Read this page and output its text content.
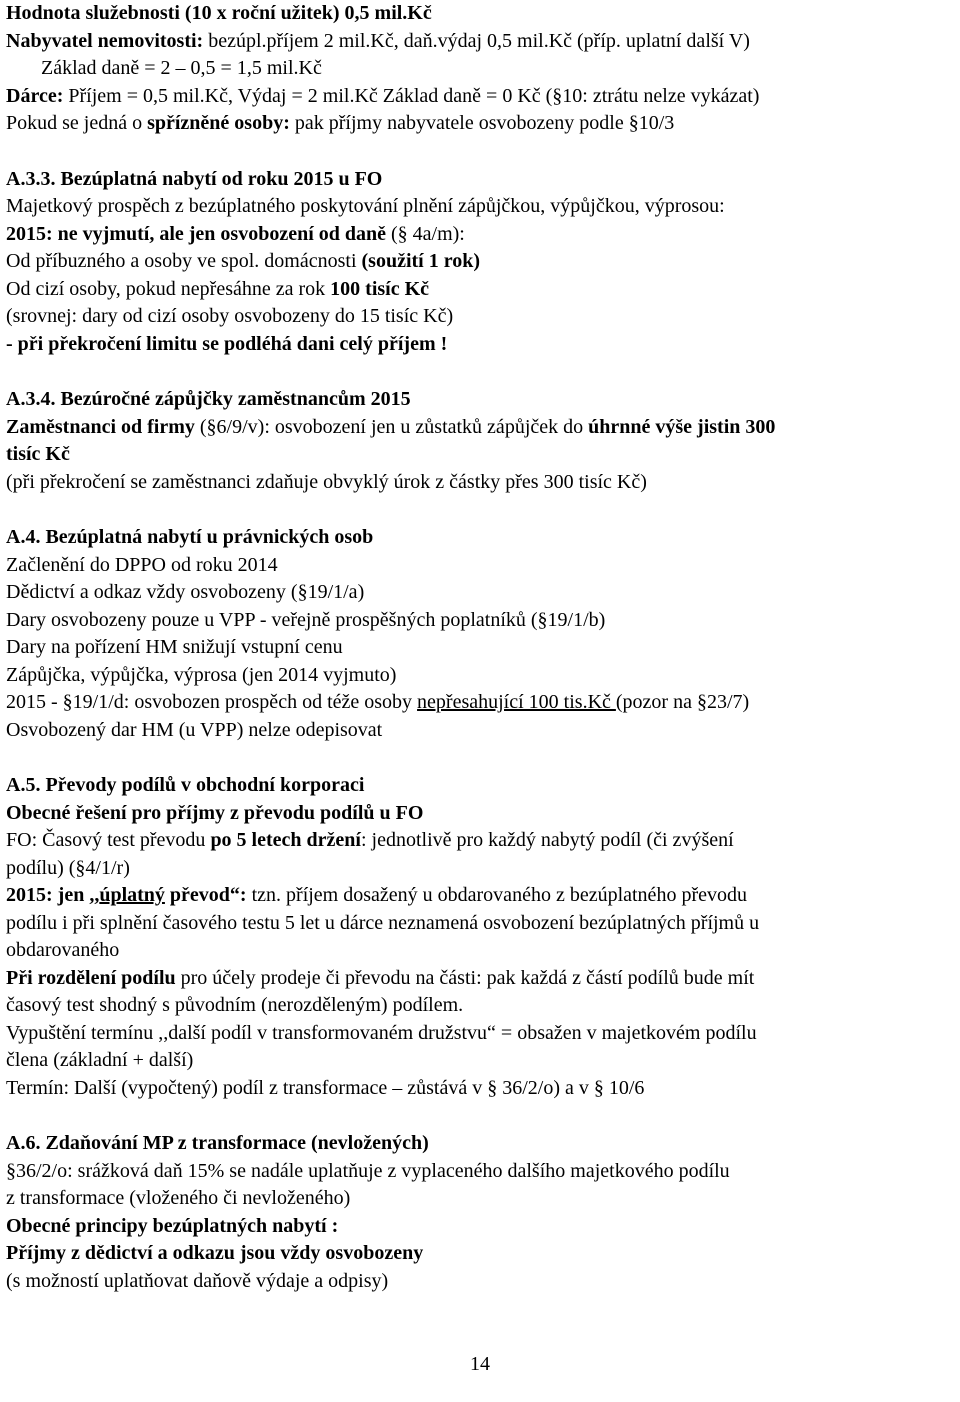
Hodnota služebnosti (10 x roční užitek) 0,5 mil.Kč
Nabyvatel nemovitosti: bezúpl.příjem 2 mil.Kč, daň.výdaj 0,5 mil.Kč (příp. uplatní další V)
Základ daně = 2 – 0,5 = 1,5 mil.Kč
Dárce: Příjem = 0,5 mil.Kč, Výdaj = 2 mil.Kč Základ daně = 0 Kč (§10: ztrátu nelze vykázat)
Pokud se jedná o spřízněné osoby: pak příjmy nabyvatele osvobozeny podle §10/3
A.3.3. Bezúplatná nabytí od roku 2015 u FO
Majetkový prospěch z bezúplatného poskytování plnění zápůjčkou, výpůjčkou, výprosou:
2015: ne vyjmutí, ale jen osvobození od daně (§ 4a/m):
Od příbuzného a osoby ve spol. domácnosti (soužití 1 rok)
Od cizí osoby, pokud nepřesáhne za rok 100 tisíc Kč
(srovnej: dary od cizí osoby osvobozeny do 15 tisíc Kč)
- při překročení limitu se podléhá dani celý příjem !
A.3.4. Bezúročné zápůjčky zaměstnancům 2015
Zaměstnanci od firmy (§6/9/v): osvobození jen u zůstatků zápůjček do úhrnné výše jistin 300
tisíc Kč
(při překročení se zaměstnanci zdaňuje obvyklý úrok z částky přes 300 tisíc Kč)
A.4. Bezúplatná nabytí u právnických osob
Začlenění do DPPO od roku 2014
Dědictví a odkaz vždy osvobozeny (§19/1/a)
Dary osvobozeny pouze u VPP - veřejně prospěšných poplatníků (§19/1/b)
Dary na pořízení HM snižují vstupní cenu
Zápůjčka, výpůjčka, výprosa (jen 2014 vyjmuto)
2015 - §19/1/d: osvobozen prospěch od téže osoby nepřesahující 100 tis.Kč (pozor na §23/7)
Osvobozený dar HM (u VPP) nelze odepisovat
A.5. Převody podílů v obchodní korporaci
Obecné řešení pro příjmy z převodu podílů u FO
FO: Časový test převodu po 5 letech držení: jednotlivě pro každý nabytý podíl (či zvýšení
podílu) (§4/1/r)
2015: jen ,,úplatný převod“: tzn. příjem dosažený u obdarovaného z bezúplatného převodu
podílu i při splnění časového testu 5 let u dárce neznamená osvobození bezúplatných příjmů u
obdarovaného
Při rozdělení podílu pro účely prodeje či převodu na části: pak každá z částí podílů bude mít
časový test shodný s původním (nerozděleným) podílem.
Vypuštění termínu ,,další podíl v transformovaném družstvu“ = obsažen v majetkovém podílu
člena (základní + další)
Termín: Další (vypočtený) podíl z transformace – zůstává v § 36/2/o) a v § 10/6
A.6. Zdaňování MP z transformace (nevložených)
§36/2/o: srážková daň 15% se nadále uplatňuje z vyplaceného dalšího majetkového podílu
z transformace (vloženého či nevloženého)
Obecné principy bezúplatných nabytí :
Příjmy z dědictví a odkazu jsou vždy osvobozeny
(s možností uplatňovat daňově výdaje a odpisy)
14
